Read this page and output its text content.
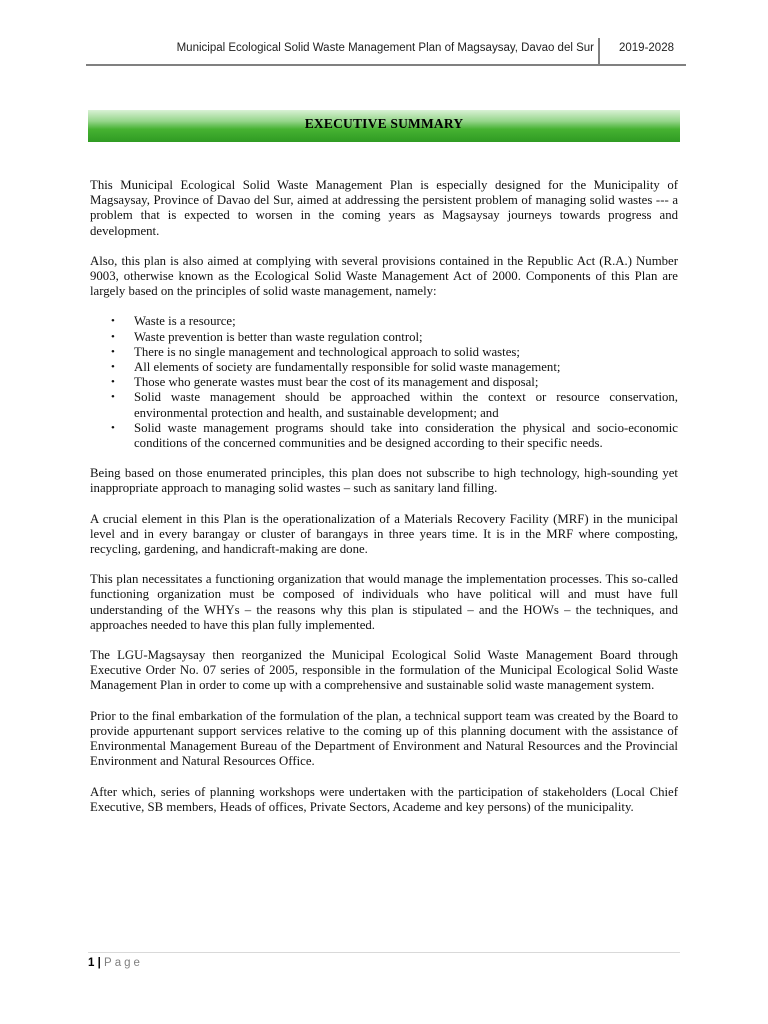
Municipal Ecological Solid Waste Management Plan of Magsaysay, Davao del Sur 2019-2028
EXECUTIVE SUMMARY

This Municipal Ecological Solid Waste Management Plan is especially designed for the Municipality of Magsaysay, Province of Davao del Sur, aimed at addressing the persistent problem of managing solid wastes --- a problem that is expected to worsen in the coming years as Magsaysay journeys towards progress and development.

Also, this plan is also aimed at complying with several provisions contained in the Republic Act (R.A.) Number 9003, otherwise known as the Ecological Solid Waste Management Act of 2000. Components of this Plan are largely based on the principles of solid waste management, namely:

• Waste is a resource;
• Waste prevention is better than waste regulation control;
• There is no single management and technological approach to solid wastes;
• All elements of society are fundamentally responsible for solid waste management;
• Those who generate wastes must bear the cost of its management and disposal;
• Solid waste management should be approached within the context or resource conservation, environmental protection and health, and sustainable development; and
• Solid waste management programs should take into consideration the physical and socio-economic conditions of the concerned communities and be designed according to their specific needs.

Being based on those enumerated principles, this plan does not subscribe to high technology, high-sounding yet inappropriate approach to managing solid wastes – such as sanitary land filling.

A crucial element in this Plan is the operationalization of a Materials Recovery Facility (MRF) in the municipal level and in every barangay or cluster of barangays in three years time. It is in the MRF where composting, recycling, gardening, and handicraft-making are done.

This plan necessitates a functioning organization that would manage the implementation processes. This so-called functioning organization must be composed of individuals who have political will and must have full understanding of the WHYs – the reasons why this plan is stipulated – and the HOWs – the techniques, and approaches needed to have this plan fully implemented.

The LGU-Magsaysay then reorganized the Municipal Ecological Solid Waste Management Board through Executive Order No. 07 series of 2005, responsible in the formulation of the Municipal Ecological Solid Waste Management Plan in order to come up with a comprehensive and sustainable solid waste management system.

Prior to the final embarkation of the formulation of the plan, a technical support team was created by the Board to provide appurtenant support services relative to the coming up of this planning document with the assistance of Environmental Management Bureau of the Department of Environment and Natural Resources and the Provincial Environment and Natural Resources Office.

After which, series of planning workshops were undertaken with the participation of stakeholders (Local Chief Executive, SB members, Heads of offices, Private Sectors, Academe and key persons) of the municipality.

1 | Page
